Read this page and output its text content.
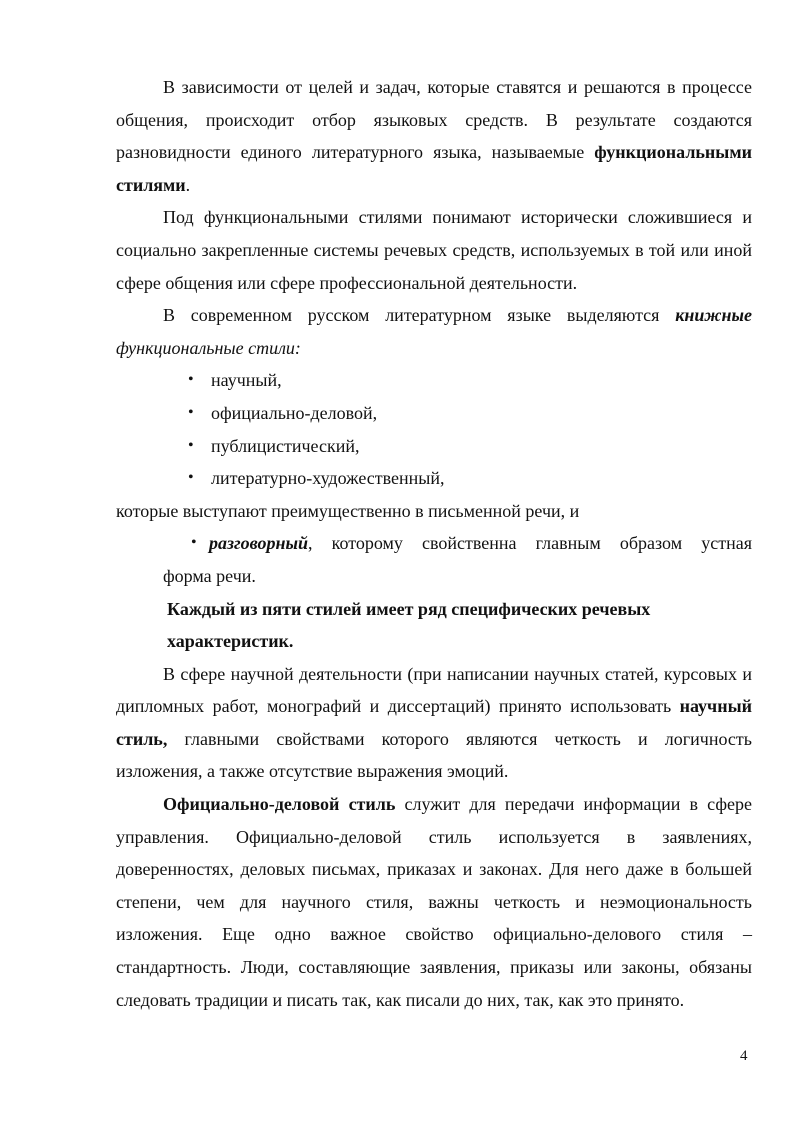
В зависимости от целей и задач, которые ставятся и решаются в процессе общения, происходит отбор языковых средств. В результате создаются разновидности единого литературного языка, называемые функциональными стилями.

Под функциональными стилями понимают исторически сложившиеся и социально закрепленные системы речевых средств, используемых в той или иной сфере общения или сфере профессиональной деятельности.

В современном русском литературном языке выделяются книжные функциональные стили:

• научный,
• официально-деловой,
• публицистический,
• литературно-художественный,

которые выступают преимущественно в письменной речи, и

• разговорный, которому свойственна главным образом устная
форма речи.

Каждый из пяти стилей имеет ряд специфических речевых характеристик.

В сфере научной деятельности (при написании научных статей, курсовых и дипломных работ, монографий и диссертаций) принято использовать научный стиль, главными свойствами которого являются четкость и логичность изложения, а также отсутствие выражения эмоций.

Официально-деловой стиль служит для передачи информации в сфере управления. Официально-деловой стиль используется в заявлениях, доверенностях, деловых письмах, приказах и законах. Для него даже в большей степени, чем для научного стиля, важны четкость и неэмоциональность изложения. Еще одно важное свойство официально-делового стиля – стандартность. Люди, составляющие заявления, приказы или законы, обязаны следовать традиции и писать так, как писали до них, так, как это принято.

4
